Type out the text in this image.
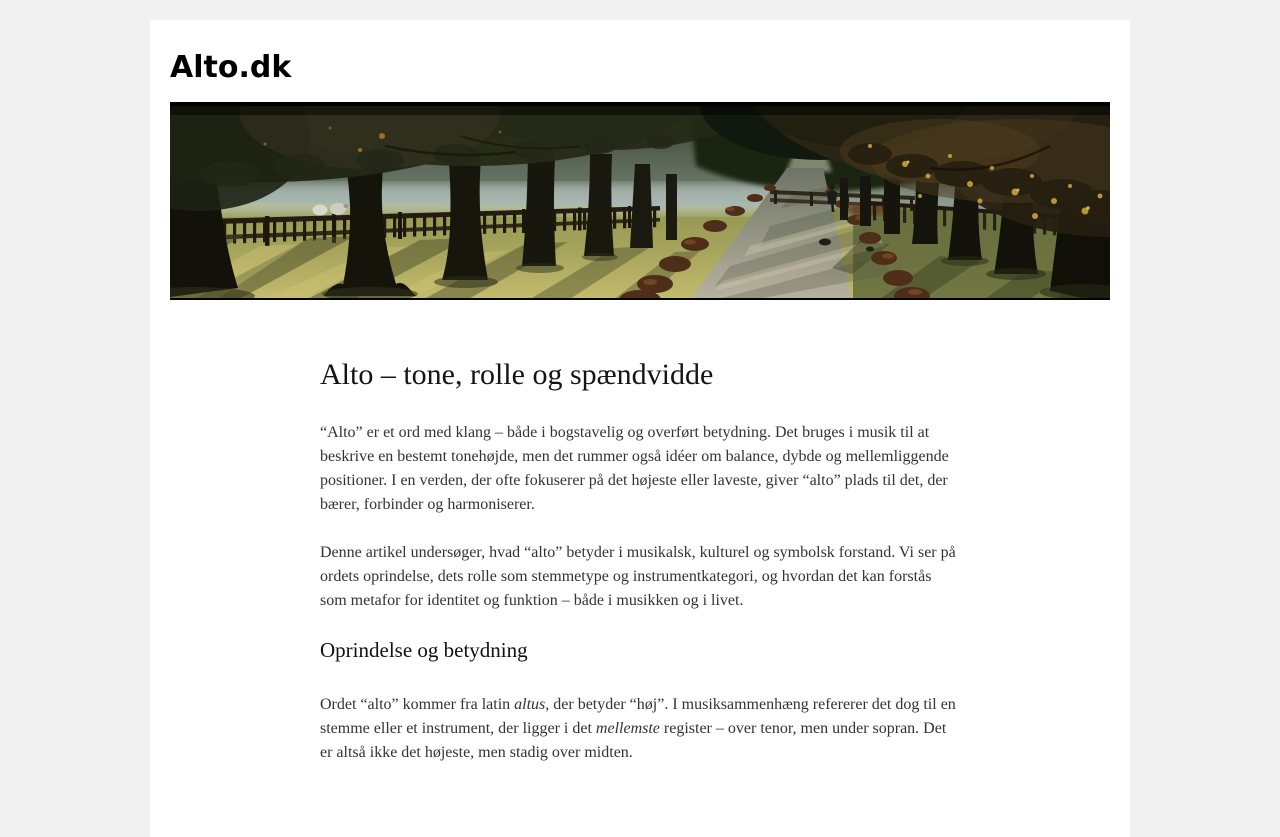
Alto.dk
Alto – tone, rolle og spændvidde

“Alto” er et ord med klang – både i bogstavelig og overført betydning. Det bruges i musik til at beskrive en bestemt tonehøjde, men det rummer også idéer om balance, dybde og mellemliggende positioner. I en verden, der ofte fokuserer på det højeste eller laveste, giver “alto” plads til det, der bærer, forbinder og harmoniserer.

Denne artikel undersøger, hvad “alto” betyder i musikalsk, kulturel og symbolsk forstand. Vi ser på ordets oprindelse, dets rolle som stemmetype og instrumentkategori, og hvordan det kan forstås som metafor for identitet og funktion – både i musikken og i livet.

Oprindelse og betydning

Ordet “alto” kommer fra latin altus, der betyder “høj”. I musiksammenhæng refererer det dog til en stemme eller et instrument, der ligger i det mellemste register – over tenor, men under sopran. Det er altså ikke det højeste, men stadig over midten.
